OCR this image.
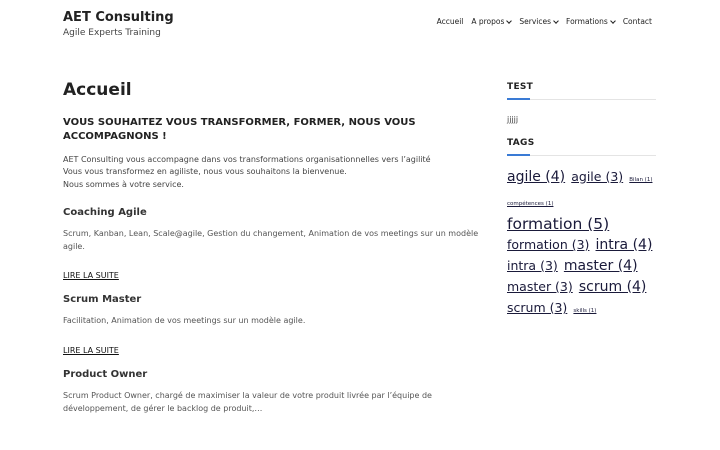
AET Consulting
Agile Experts Training
Accueil A propos Services Formations Contact
Accueil
VOUS SOUHAITEZ VOUS TRANSFORMER, FORMER, NOUS VOUS ACCOMPAGNONS !
AET Consulting vous accompagne dans vos transformations organisationnelles vers l’agilité
Vous vous transformez en agiliste, nous vous souhaitons la bienvenue.
Nous sommes à votre service.
Coaching Agile
Scrum, Kanban, Lean, Scale@agile, Gestion du changement, Animation de vos meetings sur un modèle agile.
LIRE LA SUITE
Scrum Master
Facilitation, Animation de vos meetings sur un modèle agile.
LIRE LA SUITE
Product Owner
Scrum Product Owner, chargé de maximiser la valeur de votre produit livrée par l’équipe de développement, de gérer le backlog de produit,…
TEST
jjjjj
TAGS
agile (4) agile (3) Bilan (1) compétences (1) formation (5) formation (3) intra (4) intra (3) master (4) master (3) scrum (4) scrum (3) skills (1)
